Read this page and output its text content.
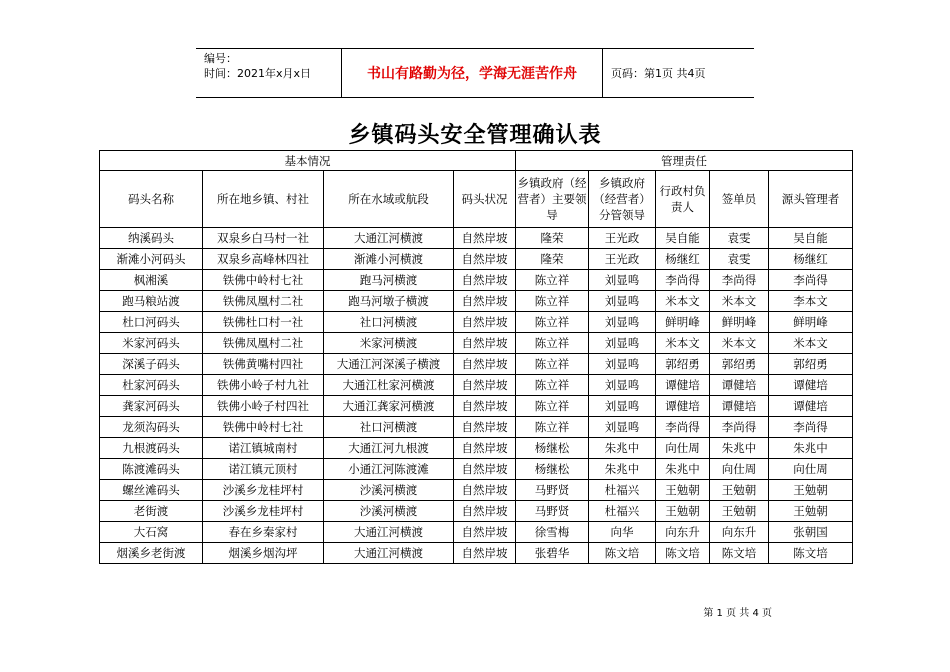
编号：
时间：2021年x月x日	书山有路勤为径，学海无涯苦作舟	页码：第1页 共4页
乡镇码头安全管理确认表
基本情况				管理责任				
码头名称	所在地乡镇、村社	所在水域或航段	码头状况	乡镇政府（经营者）主要领导	乡镇政府（经营者）分管领导	行政村负责人	签单员	源头管理者
纳溪码头	双泉乡白马村一社	大通江河横渡	自然岸坡	隆荣	王光政	吴自能	袁雯	吴自能
渐滩小河码头	双泉乡高峰林四社	渐滩小河横渡	自然岸坡	隆荣	王光政	杨继红	袁雯	杨继红
枫湘溪	铁佛中岭村七社	跑马河横渡	自然岸坡	陈立祥	刘显鸣	李尚得	李尚得	李尚得
跑马粮站渡	铁佛凤凰村二社	跑马河墩子横渡	自然岸坡	陈立祥	刘显鸣	米本文	米本文	李本文
杜口河码头	铁佛杜口村一社	社口河横渡	自然岸坡	陈立祥	刘显鸣	鲜明峰	鲜明峰	鲜明峰
米家河码头	铁佛凤凰村二社	米家河横渡	自然岸坡	陈立祥	刘显鸣	米本文	米本文	米本文
深溪子码头	铁佛黄嘴村四社	大通江河深溪子横渡	自然岸坡	陈立祥	刘显鸣	郭绍勇	郭绍勇	郭绍勇
杜家河码头	铁佛小岭子村九社	大通江杜家河横渡	自然岸坡	陈立祥	刘显鸣	谭健培	谭健培	谭健培
龚家河码头	铁佛小岭子村四社	大通江龚家河横渡	自然岸坡	陈立祥	刘显鸣	谭健培	谭健培	谭健培
龙须沟码头	铁佛中岭村七社	社口河横渡	自然岸坡	陈立祥	刘显鸣	李尚得	李尚得	李尚得
九根渡码头	诺江镇城南村	大通江河九根渡	自然岸坡	杨继松	朱兆中	向仕周	朱兆中	朱兆中
陈渡滩码头	诺江镇元顶村	小通江河陈渡滩	自然岸坡	杨继松	朱兆中	朱兆中	向仕周	向仕周
螺丝滩码头	沙溪乡龙桂坪村	沙溪河横渡	自然岸坡	马野贤	杜福兴	王勉朝	王勉朝	王勉朝
老街渡	沙溪乡龙桂坪村	沙溪河横渡	自然岸坡	马野贤	杜福兴	王勉朝	王勉朝	王勉朝
大石窝	春在乡秦家村	大通江河横渡	自然岸坡	徐雪梅	向华	向东升	向东升	张朝国
烟溪乡老街渡	烟溪乡烟沟坪	大通江河横渡	自然岸坡	张碧华	陈文培	陈文培	陈文培	陈文培
第 1 页 共 4 页
